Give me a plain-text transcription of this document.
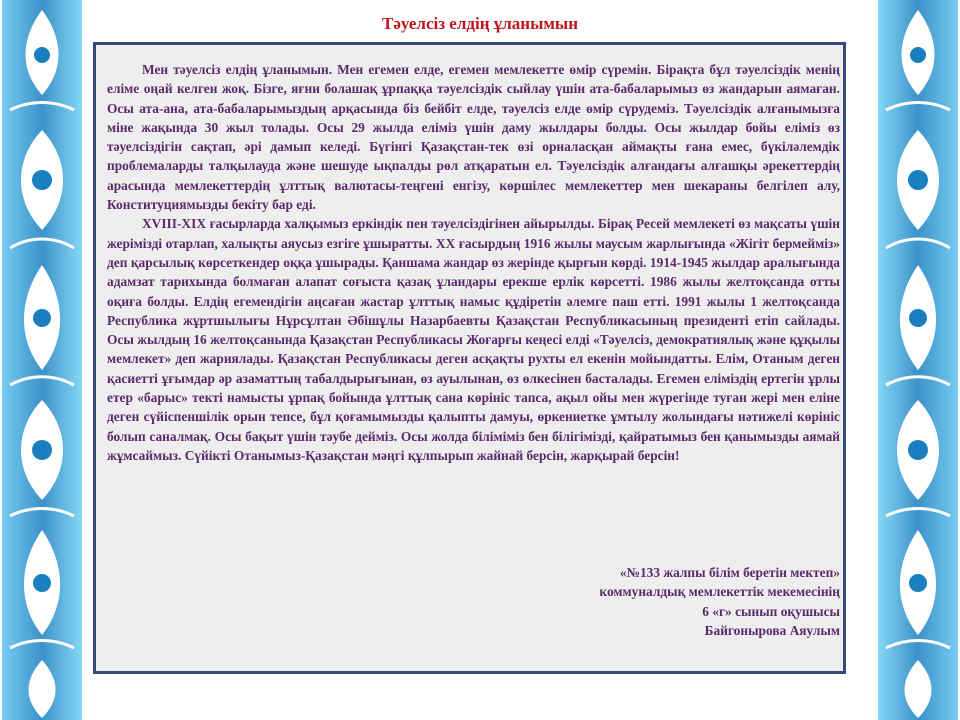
Тәуелсіз елдің ұланымын

Мен тәуелсіз елдің ұланымын. Мен егемен елде, егемен мемлекетте өмір сүремін. Бірақта бұл тәуелсіздік менің еліме оңай келген жоқ. Бізге, яғни болашақ ұрпаққа тәуелсіздік сыйлау үшін ата-бабаларымыз өз жандарын аямаған. Осы ата-ана, ата-бабаларымыздың арқасында біз бейбіт елде, тәуелсіз елде өмір сүрудеміз. Тәуелсіздік алғанымызға міне жақында 30 жыл толады. Осы 29 жылда еліміз үшін даму жылдары болды. Осы жылдар бойы еліміз өз тәуелсіздігін сақтап, әрі дамып келеді. Бүгінгі Қазақстан-тек өзі орналасқан аймақты ғана емес, бүкіләлемдік проблемаларды талқылауда және шешуде ықпалды рөл атқаратын ел. Тәуелсіздік алғандағы алғашқы әрекеттердің арасында мемлекеттердің ұлттық валютасы-теңгені енгізу, көршілес мемлекеттер мен шекараны белгілеп алу, Конституциямызды бекіту бар еді.

XVIII-XIX ғасырларда халқымыз еркіндік пен тәуелсіздігінен айырылды. Бірақ Ресей мемлекеті өз мақсаты үшін жерімізді отарлап, халықты аяусыз езгіге ұшыратты. XX ғасырдың 1916 жылы маусым жарлығында «Жігіт бермейміз» деп қарсылық көрсеткендер оққа ұшырады. Қаншама жандар өз жерінде қырғын көрді. 1914-1945 жылдар аралығында адамзат тарихында болмаған алапат соғыста қазақ ұландары ерекше ерлік көрсетті. 1986 жылы желтоқсанда отты оқиға болды. Елдің егемендігін аңсаған жастар ұлттық намыс құдіретін әлемге паш етті. 1991 жылы 1 желтоқсанда Республика жұртшылығы Нұрсұлтан Әбішұлы Назарбаевты Қазақстан Республикасының президенті етіп сайлады. Осы жылдың 16 желтоқсанында Қазақстан Республикасы Жоғарғы кеңесі елді «Тәуелсіз, демократиялық және құқылы мемлекет» деп жариялады. Қазақстан Республикасы деген асқақты рухты ел екенін мойындатты. Елім, Отаным деген қасиетті ұғымдар әр азаматтың табалдырығынан, өз ауылынан, өз өлкесінен басталады. Егемен еліміздің ертегін ұрлы етер «барыс» текті намысты ұрпақ бойында ұлттық сана көрініс тапса, ақыл ойы мен жүрегінде туған жері мен еліне деген сүйіспеншілік орын тепсе, бұл қоғамымызды қалыпты дамуы, өркениетке ұмтылу жолындағы нәтижелі көрініс болып саналмақ. Осы бақыт үшін тәубе дейміз. Осы жолда біліміміз бен білігімізді, қайратымыз бен қанымызды аямай жұмсаймыз. Сүйікті Отанымыз-Қазақстан мәңгі құлпырып жайнай берсін, жарқырай берсін!

«№133 жалпы білім беретін мектеп»
коммуналдық мемлекеттік мекемесінің
6 «г» сынып оқушысы
Байгонырова Аяулым
